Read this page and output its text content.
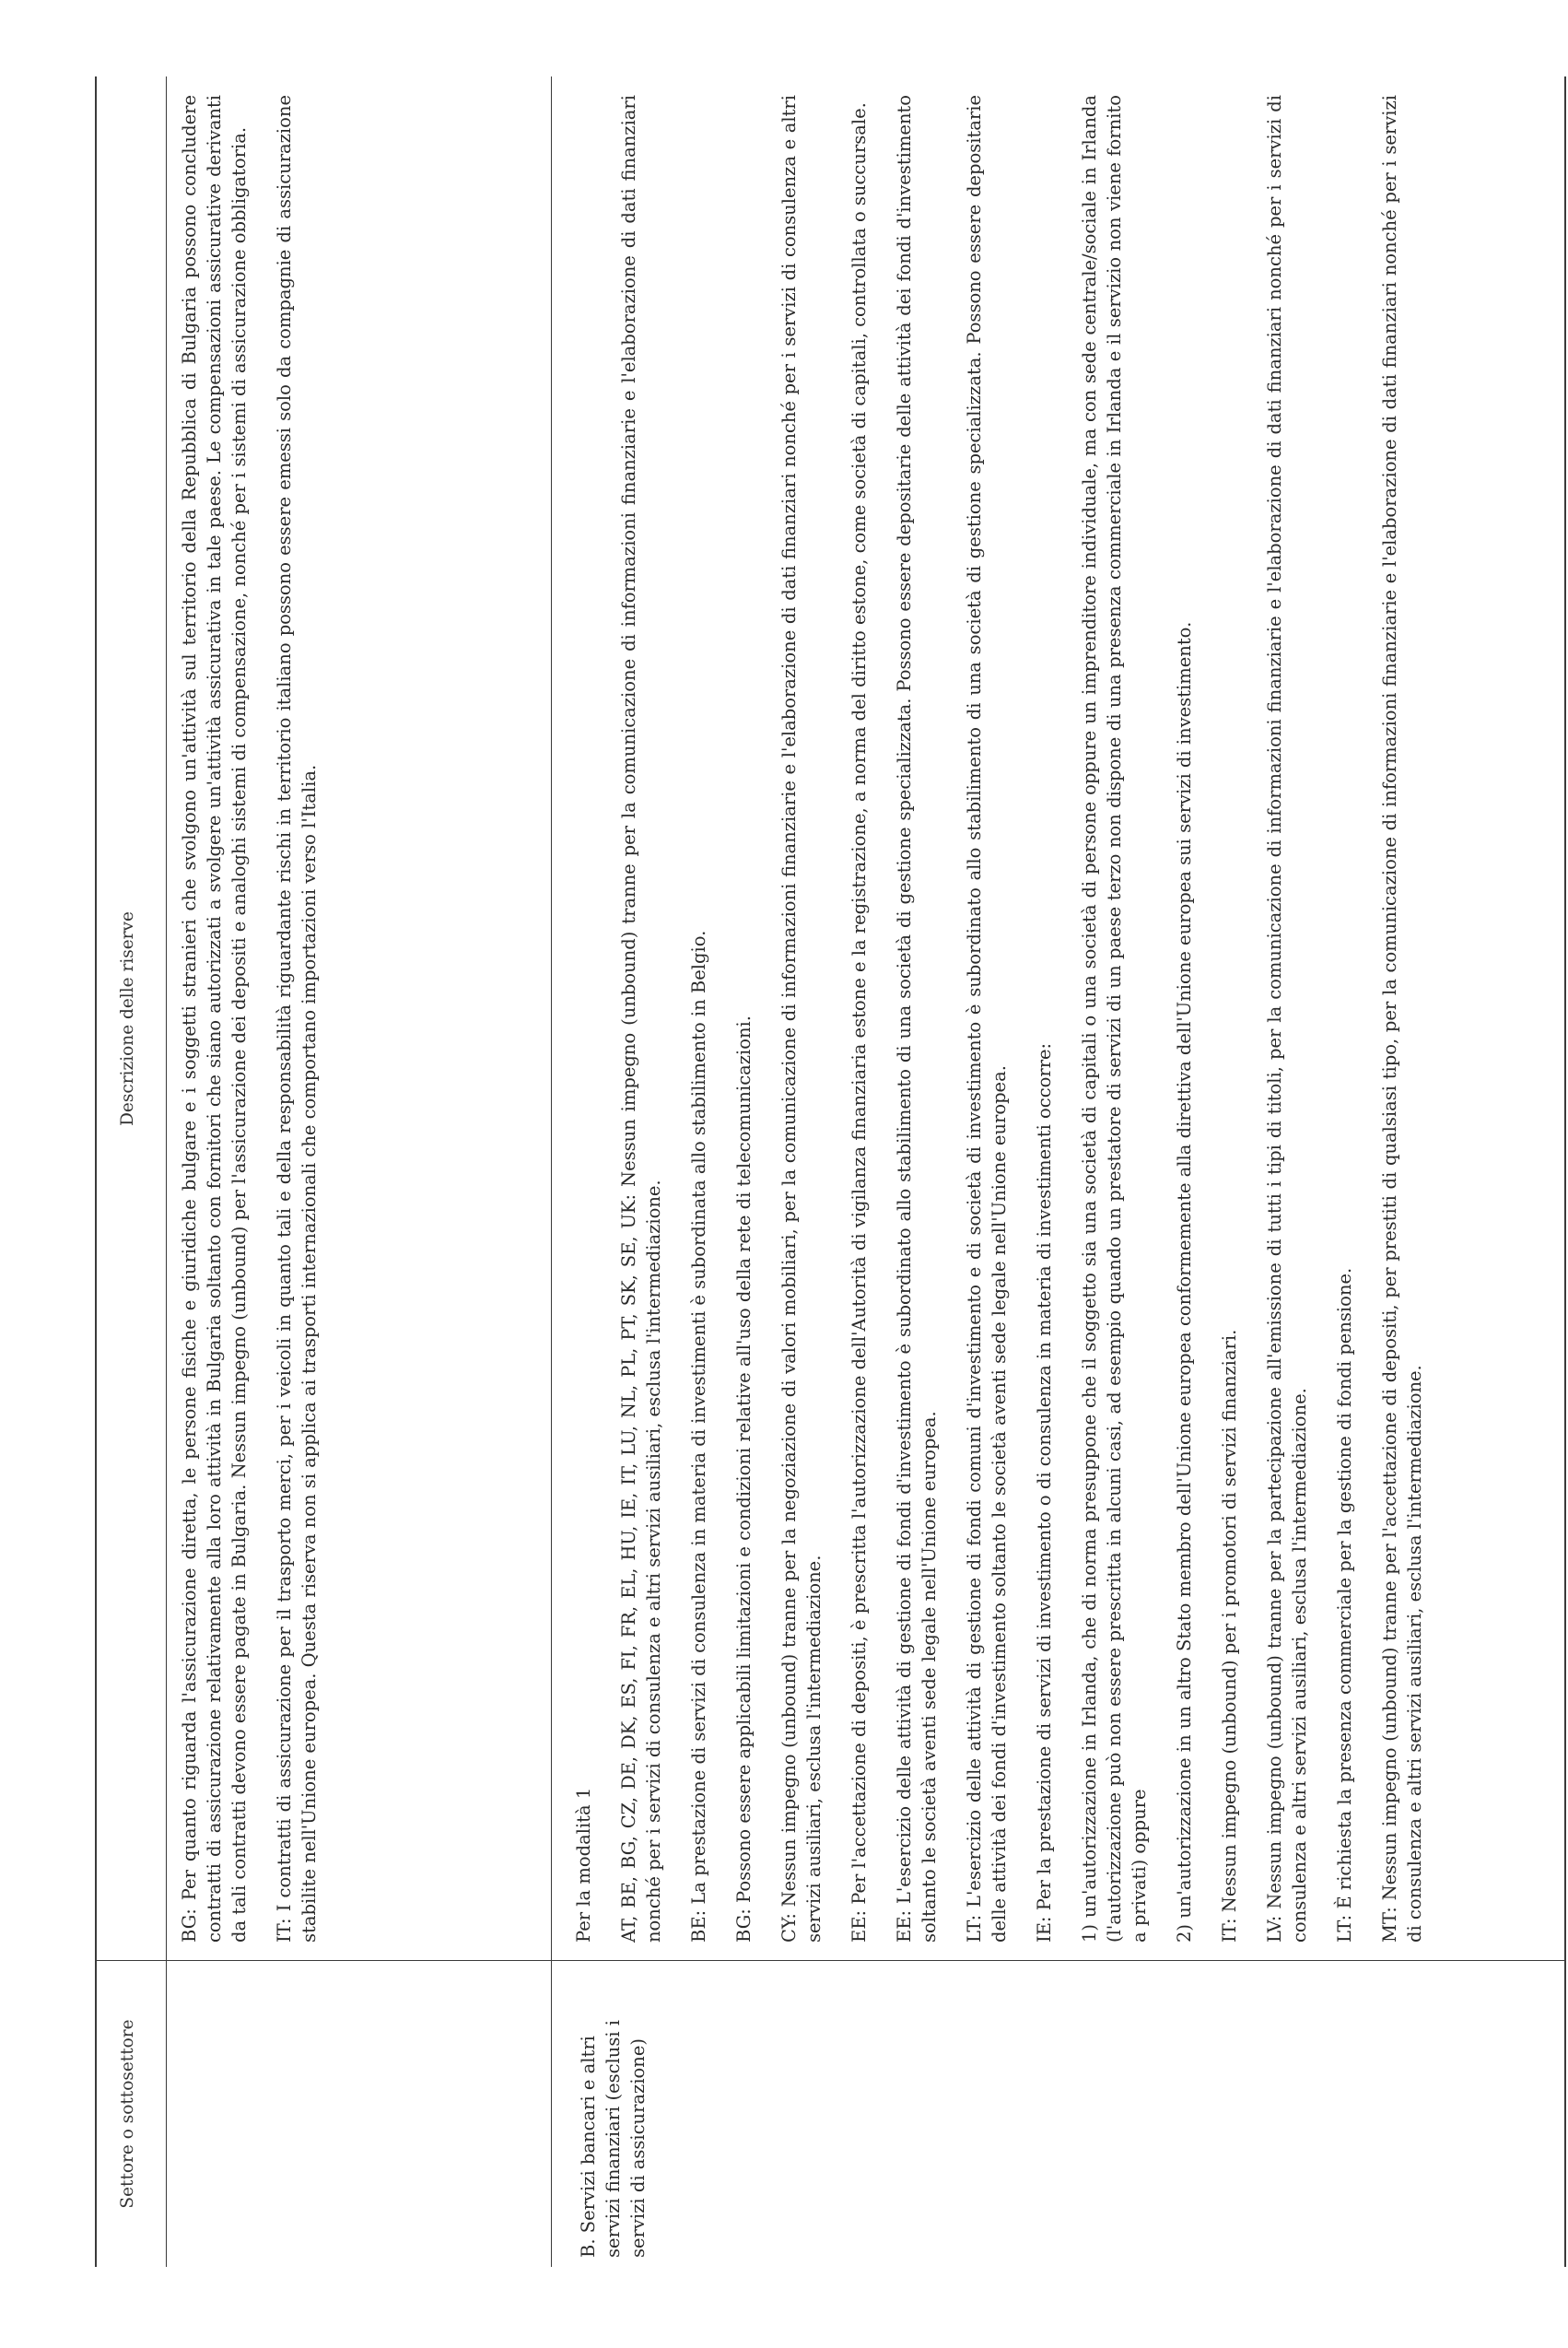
Settore o sottosettore
Descrizione delle riserve BG: Per quanto riguarda l'assicurazione diretta, le persone fisiche e giuridiche bulgare e i soggetti stranieri che svolgono un'attività sul territorio della Repubblica di Bulgaria possono concludere contratti di assicurazione relativamente alla loro attività in Bulgaria soltanto con fornitori che siano autorizzati a svolgere un'attività assicurativa in tale paese. Le compensazioni assicurative derivanti da tali contratti devono essere pagate in Bulgaria. Nessun impegno (unbound) per l'assicurazione dei depositi e analoghi sistemi di compensazione, nonché per i sistemi di assicurazione obbligatoria. IT: I contratti di assicurazione per il trasporto merci, per i veicoli in quanto tali e della responsabilità riguardante rischi in territorio italiano possono essere emessi solo da compagnie di assicurazione stabilite nell'Unione europea. Questa riserva non si applica ai trasporti internazionali che comportano importazioni verso l'Italia.

B. Servizi bancari e altri servizi finanziari (esclusi i servizi di assicurazione)

Per la modalità 1 AT, BE, BG, CZ, DE, DK, ES, FI, FR, EL, HU, IE, IT, LU, NL, PL, PT, SK, SE, UK: Nessun impegno (unbound) tranne per la comunicazione di informazioni finanziarie e l'elaborazione di dati finanziari nonché per i servizi di consulenza e altri servizi ausiliari, esclusa l'intermediazione. BE: La prestazione di servizi di consulenza in materia di investimenti è subordinata allo stabilimento in Belgio. BG: Possono essere applicabili limitazioni e condizioni relative all'uso della rete di telecomunicazioni. CY: Nessun impegno (unbound) tranne per la negoziazione di valori mobiliari, per la comunicazione di informazioni finanziarie e l'elaborazione di dati finanziari nonché per i servizi di consulenza e altri servizi ausiliari, esclusa l'intermediazione. EE: Per l'accettazione di depositi, è prescritta l'autorizzazione dell'Autorità di vigilanza finanziaria estone e la registrazione, a norma del diritto estone, come società di capitali, controllata o succursale. EE: L'esercizio delle attività di gestione di fondi d'investimento è subordinato allo stabilimento di una società di gestione specializzata. Possono essere depositarie delle attività dei fondi d'investimento soltanto le società aventi sede legale nell'Unione europea. LT: L'esercizio delle attività di gestione di fondi comuni d'investimento e di società di investimento è subordinato allo stabilimento di una società di gestione specializzata. Possono essere depositarie delle attività dei fondi d'investimento soltanto le società aventi sede legale nell'Unione europea. IE: Per la prestazione di servizi di investimento o di consulenza in materia di investimenti occorre: 1) un'autorizzazione in Irlanda, che di norma presuppone che il soggetto sia una società di capitali o una società di persone oppure un imprenditore individuale, ma con sede centrale/sociale in Irlanda (l'autorizzazione può non essere prescritta in alcuni casi, ad esempio quando un prestatore di servizi di un paese terzo non dispone di una presenza commerciale in Irlanda e il servizio non viene fornito a privati) oppure 2) un'autorizzazione in un altro Stato membro dell'Unione europea conformemente alla direttiva dell'Unione europea sui servizi di investimento. IT: Nessun impegno (unbound) per i promotori di servizi finanziari. LV: Nessun impegno (unbound) tranne per la partecipazione all'emissione di tutti i tipi di titoli, per la comunicazione di informazioni finanziarie e l'elaborazione di dati finanziari nonché per i servizi di consulenza e altri servizi ausiliari, esclusa l'intermediazione. LT: È richiesta la presenza commerciale per la gestione di fondi pensione. MT: Nessun impegno (unbound) tranne per l'accettazione di depositi, per prestiti di qualsiasi tipo, per la comunicazione di informazioni finanziarie e l'elaborazione di dati finanziari nonché per i servizi di consulenza e altri servizi ausiliari, esclusa l'intermediazione.
